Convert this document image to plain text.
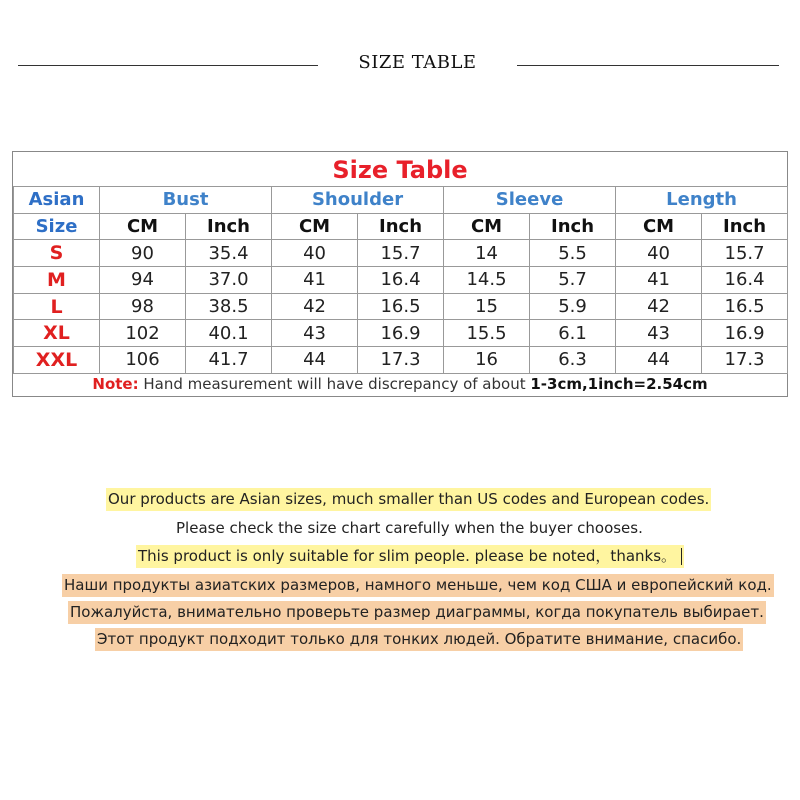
SIZE TABLE
Size Table
Asian	Bust		Shoulder		Sleeve		Length	
Size	CM	Inch	CM	Inch	CM	Inch	CM	Inch
S	90	35.4	40	15.7	14	5.5	40	15.7
M	94	37.0	41	16.4	14.5	5.7	41	16.4
L	98	38.5	42	16.5	15	5.9	42	16.5
XL	102	40.1	43	16.9	15.5	6.1	43	16.9
XXL	106	41.7	44	17.3	16	6.3	44	17.3
Note: Hand measurement will have discrepancy of about 1-3cm,1inch=2.54cm
Our products are Asian sizes, much smaller than US codes and European codes.
Please check the size chart carefully when the buyer chooses.
This product is only suitable for slim people. please be noted，thanks。
Наши продукты азиатских размеров, намного меньше, чем код США и европейский код.
Пожалуйста, внимательно проверьте размер диаграммы, когда покупатель выбирает.
Этот продукт подходит только для тонких людей. Обратите внимание, спасибо.
